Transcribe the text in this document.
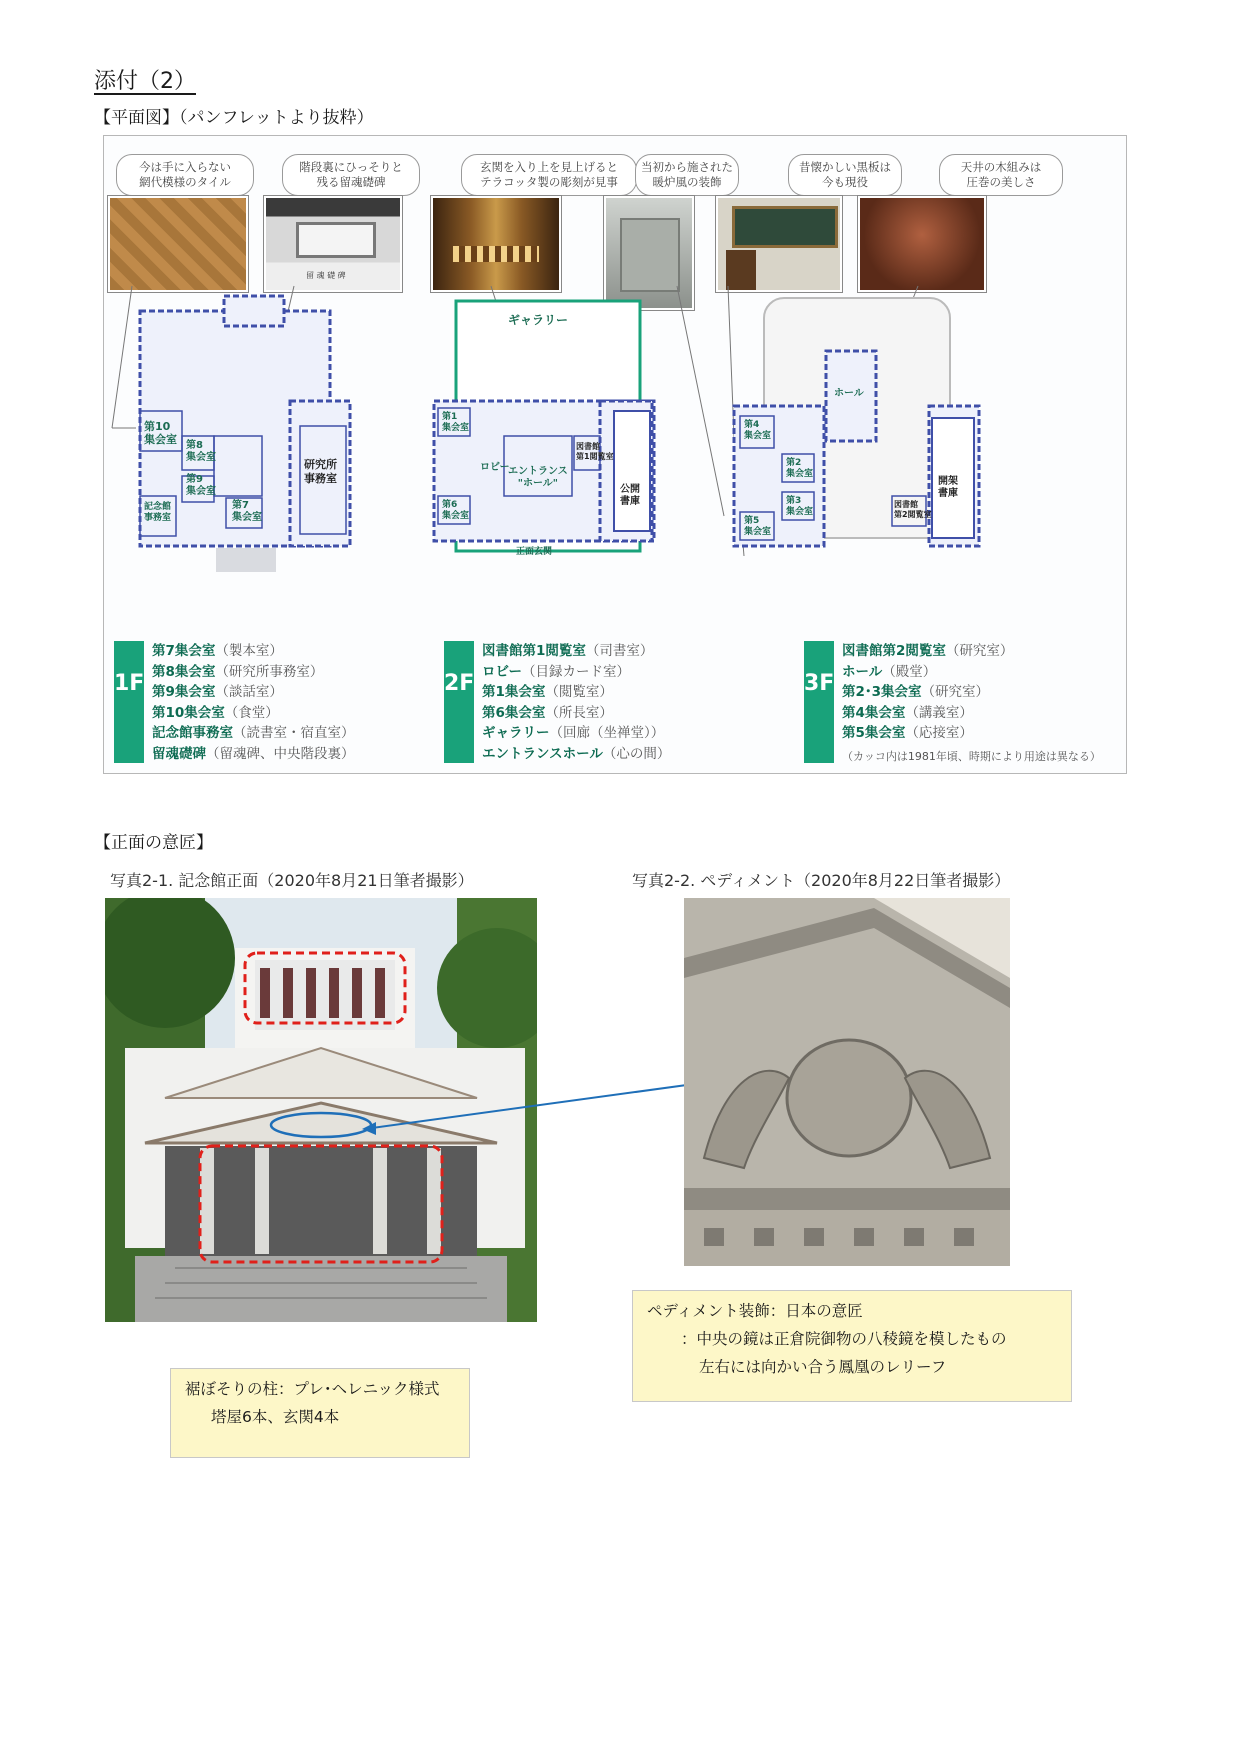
添付（2）
【平面図】（パンフレットより抜粋）
今は手に入らない
網代模様のタイル
階段裏にひっそりと
残る留魂礎碑
玄関を入り上を見上げると
テラコッタ製の彫刻が見事
当初から施された
暖炉風の装飾
昔懐かしい黒板は
今も現役
天井の木組みは
圧巻の美しさ
留 魂 礎 碑
第10
集会室 第8
集会室
第9
集会室
記念館
事務室
第7
集会室
研究所
事務室
ギャラリー
第1
集会室
ロビー
エントランス
"ホール"
図書館
第1閲覧室
第6
集会室
公開
書庫
正面玄関
ホール
第4
集会室
第2
集会室
第3
集会室
第5
集会室
図書館
第2閲覧室
開架
書庫
1F
第7集会室（製本室）
第8集会室（研究所事務室）
第9集会室（談話室）
第10集会室（食堂）
記念館事務室（読書室・宿直室）
留魂礎碑（留魂碑、中央階段裏）
2F
図書館第1閲覧室（司書室）
ロビー（目録カード室）
第1集会室（閲覧室）
第6集会室（所長室）
ギャラリー（回廊（坐禅堂））
エントランスホール（心の間）
3F
図書館第2閲覧室（研究室）
ホール（殿堂）
第2･3集会室（研究室）
第4集会室（講義室）
第5集会室（応接室）
（カッコ内は1981年頃、時期により用途は異なる）
【正面の意匠】
写真2-1. 記念館正面（2020年8月21日筆者撮影）	写真2-2. ペディメント（2020年8月22日筆者撮影）
裾ぼそりの柱：プレ･ヘレニック様式
塔屋6本、玄関4本
ペディメント装飾：日本の意匠
：中央の鏡は正倉院御物の八稜鏡を模したもの
左右には向かい合う鳳凰のレリーフ
